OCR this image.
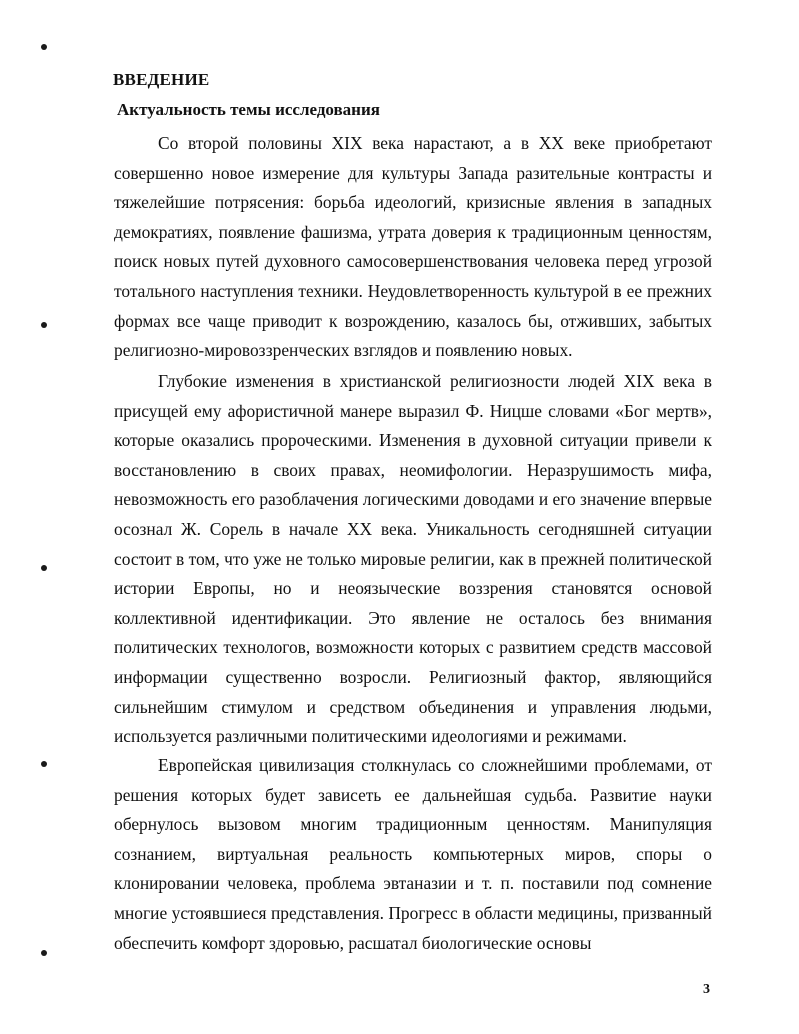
ВВЕДЕНИЕ
Актуальность темы исследования

Со второй половины XIX века нарастают, а в XX веке приобретают совершенно новое измерение для культуры Запада разительные контрасты и тяжелейшие потрясения: борьба идеологий, кризисные явления в западных демократиях, появление фашизма, утрата доверия к традиционным ценностям, поиск новых путей духовного самосовершенствования человека перед угрозой тотального наступления техники. Неудовлетворенность культурой в ее прежних формах все чаще приводит к возрождению, казалось бы, отживших, забытых религиозно-мировоззренческих взглядов и появлению новых.

Глубокие изменения в христианской религиозности людей XIX века в присущей ему афористичной манере выразил Ф. Ницше словами «Бог мертв», которые оказались пророческими. Изменения в духовной ситуации привели к восстановлению в своих правах, неомифологии. Неразрушимость мифа, невозможность его разоблачения логическими доводами и его значение впервые осознал Ж. Сорель в начале XX века. Уникальность сегодняшней ситуации состоит в том, что уже не только мировые религии, как в прежней политической истории Европы, но и неоязыческие воззрения становятся основой коллективной идентификации. Это явление не осталось без внимания политических технологов, возможности которых с развитием средств массовой информации существенно возросли. Религиозный фактор, являющийся сильнейшим стимулом и средством объединения и управления людьми, используется различными политическими идеологиями и режимами.

Европейская цивилизация столкнулась со сложнейшими проблемами, от решения которых будет зависеть ее дальнейшая судьба. Развитие науки обернулось вызовом многим традиционным ценностям. Манипуляция сознанием, виртуальная реальность компьютерных миров, споры о клонировании человека, проблема эвтаназии и т. п. поставили под сомнение многие устоявшиеся представления. Прогресс в области медицины, призванный обеспечить комфорт здоровью, расшатал биологические основы

3
